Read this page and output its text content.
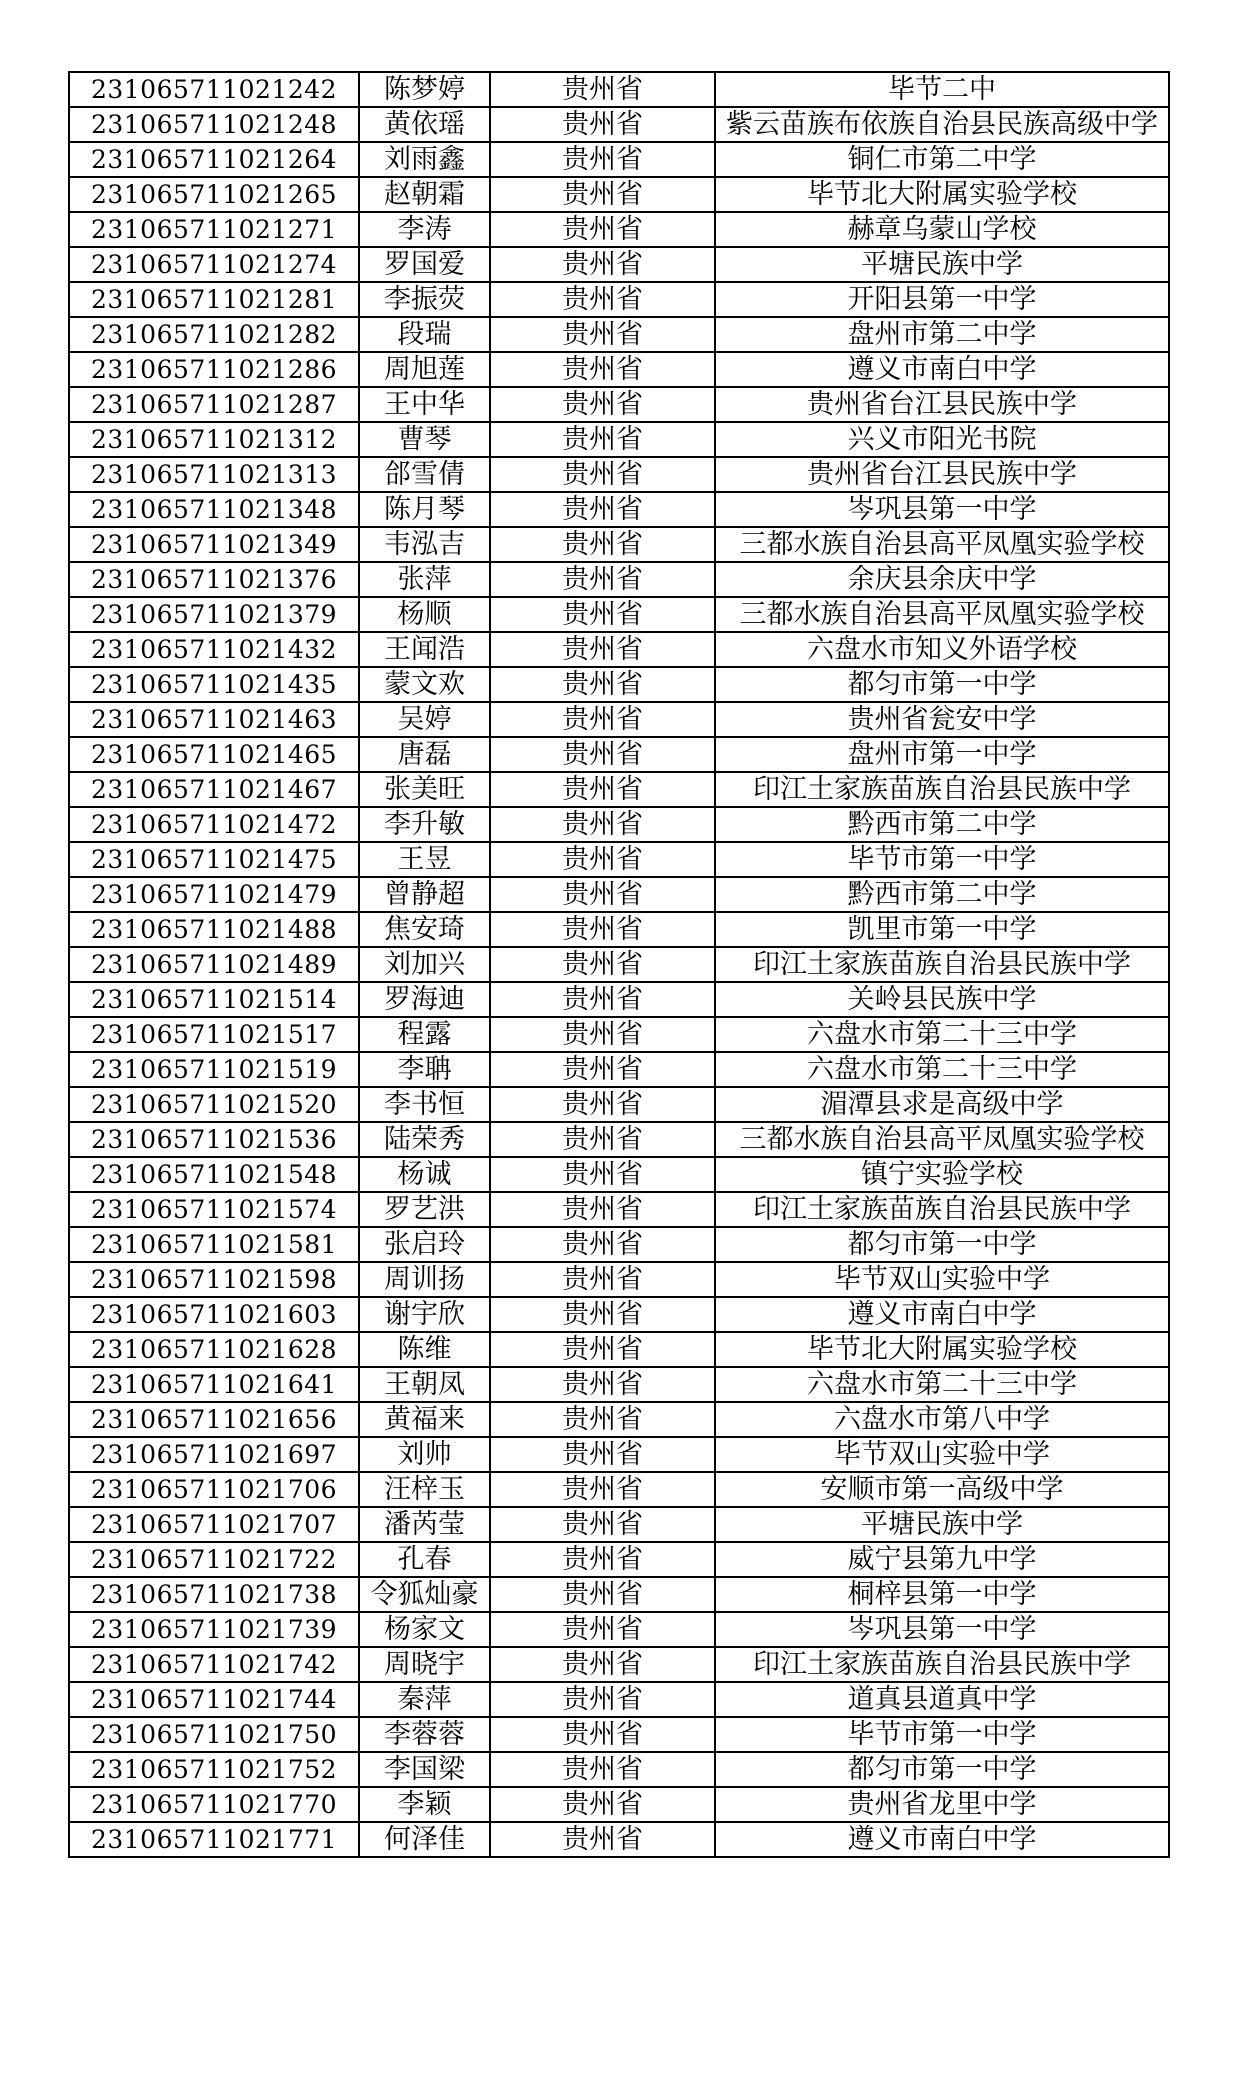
231065711021242	陈梦婷	贵州省	毕节二中
231065711021248	黄依瑶	贵州省	紫云苗族布依族自治县民族高级中学
231065711021264	刘雨鑫	贵州省	铜仁市第二中学
231065711021265	赵朝霜	贵州省	毕节北大附属实验学校
231065711021271	李涛	贵州省	赫章乌蒙山学校
231065711021274	罗国爱	贵州省	平塘民族中学
231065711021281	李振荧	贵州省	开阳县第一中学
231065711021282	段瑞	贵州省	盘州市第二中学
231065711021286	周旭莲	贵州省	遵义市南白中学
231065711021287	王中华	贵州省	贵州省台江县民族中学
231065711021312	曹琴	贵州省	兴义市阳光书院
231065711021313	郃雪倩	贵州省	贵州省台江县民族中学
231065711021348	陈月琴	贵州省	岑巩县第一中学
231065711021349	韦泓吉	贵州省	三都水族自治县高平凤凰实验学校
231065711021376	张萍	贵州省	余庆县余庆中学
231065711021379	杨顺	贵州省	三都水族自治县高平凤凰实验学校
231065711021432	王闻浩	贵州省	六盘水市知义外语学校
231065711021435	蒙文欢	贵州省	都匀市第一中学
231065711021463	吴婷	贵州省	贵州省瓮安中学
231065711021465	唐磊	贵州省	盘州市第一中学
231065711021467	张美旺	贵州省	印江土家族苗族自治县民族中学
231065711021472	李升敏	贵州省	黔西市第二中学
231065711021475	王昱	贵州省	毕节市第一中学
231065711021479	曾静超	贵州省	黔西市第二中学
231065711021488	焦安琦	贵州省	凯里市第一中学
231065711021489	刘加兴	贵州省	印江土家族苗族自治县民族中学
231065711021514	罗海迪	贵州省	关岭县民族中学
231065711021517	程露	贵州省	六盘水市第二十三中学
231065711021519	李聃	贵州省	六盘水市第二十三中学
231065711021520	李书恒	贵州省	湄潭县求是高级中学
231065711021536	陆荣秀	贵州省	三都水族自治县高平凤凰实验学校
231065711021548	杨诚	贵州省	镇宁实验学校
231065711021574	罗艺洪	贵州省	印江土家族苗族自治县民族中学
231065711021581	张启玲	贵州省	都匀市第一中学
231065711021598	周训扬	贵州省	毕节双山实验中学
231065711021603	谢宇欣	贵州省	遵义市南白中学
231065711021628	陈维	贵州省	毕节北大附属实验学校
231065711021641	王朝凤	贵州省	六盘水市第二十三中学
231065711021656	黄福来	贵州省	六盘水市第八中学
231065711021697	刘帅	贵州省	毕节双山实验中学
231065711021706	汪梓玉	贵州省	安顺市第一高级中学
231065711021707	潘芮莹	贵州省	平塘民族中学
231065711021722	孔春	贵州省	威宁县第九中学
231065711021738	令狐灿豪	贵州省	桐梓县第一中学
231065711021739	杨家文	贵州省	岑巩县第一中学
231065711021742	周晓宇	贵州省	印江土家族苗族自治县民族中学
231065711021744	秦萍	贵州省	道真县道真中学
231065711021750	李蓉蓉	贵州省	毕节市第一中学
231065711021752	李国梁	贵州省	都匀市第一中学
231065711021770	李颖	贵州省	贵州省龙里中学
231065711021771	何泽佳	贵州省	遵义市南白中学
